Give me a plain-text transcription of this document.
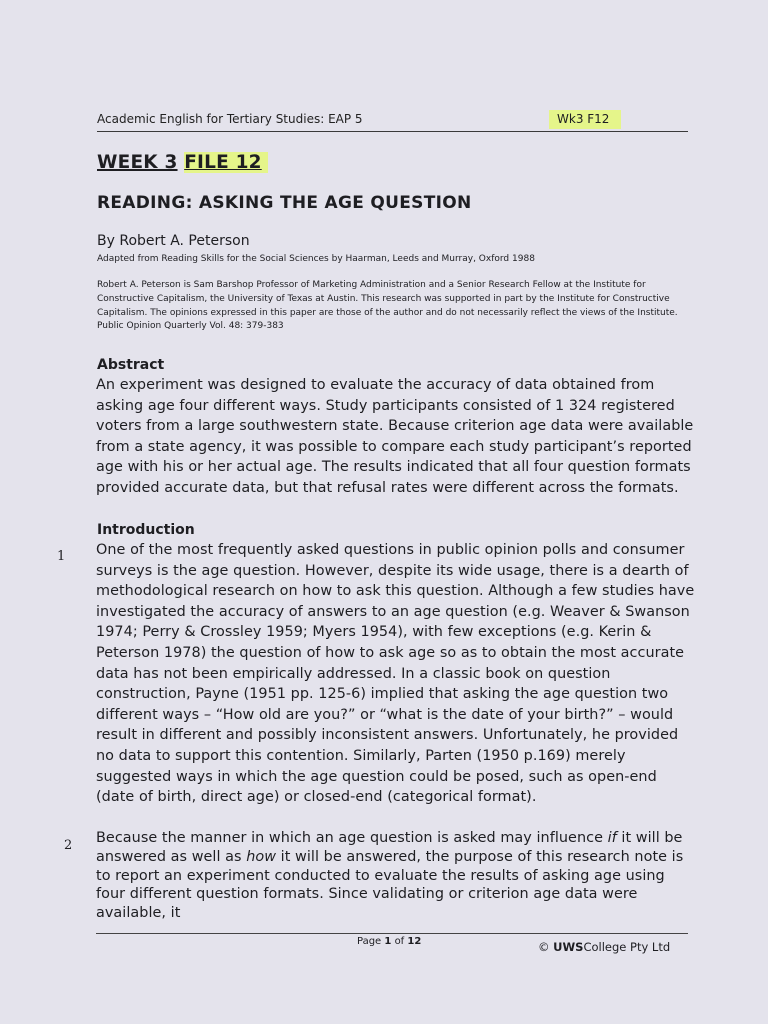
Academic English for Tertiary Studies: EAP 5	Wk3 F12
WEEK 3 FILE 12
READING: ASKING THE AGE QUESTION
By Robert A. Peterson
Adapted from Reading Skills for the Social Sciences by Haarman, Leeds and Murray, Oxford 1988
Robert A. Peterson is Sam Barshop Professor of Marketing Administration and a Senior Research Fellow at the Institute for Constructive Capitalism, the University of Texas at Austin. This research was supported in part by the Institute for Constructive Capitalism. The opinions expressed in this paper are those of the author and do not necessarily reflect the views of the Institute. Public Opinion Quarterly Vol. 48: 379-383
Abstract
An experiment was designed to evaluate the accuracy of data obtained from asking age four different ways. Study participants consisted of 1 324 registered voters from a large southwestern state. Because criterion age data were available from a state agency, it was possible to compare each study participant’s reported age with his or her actual age. The results indicated that all four question formats provided accurate data, but that refusal rates were different across the formats.
Introduction
1 One of the most frequently asked questions in public opinion polls and consumer surveys is the age question. However, despite its wide usage, there is a dearth of methodological research on how to ask this question. Although a few studies have investigated the accuracy of answers to an age question (e.g. Weaver & Swanson 1974; Perry & Crossley 1959; Myers 1954), with few exceptions (e.g. Kerin & Peterson 1978) the question of how to ask age so as to obtain the most accurate data has not been empirically addressed. In a classic book on question construction, Payne (1951 pp. 125-6) implied that asking the age question two different ways – “How old are you?” or “what is the date of your birth?” – would result in different and possibly inconsistent answers. Unfortunately, he provided no data to support this contention. Similarly, Parten (1950 p.169) merely suggested ways in which the age question could be posed, such as open-end (date of birth, direct age) or closed-end (categorical format).
2 Because the manner in which an age question is asked may influence if it will be answered as well as how it will be answered, the purpose of this research note is to report an experiment conducted to evaluate the results of asking age using four different question formats. Since validating or criterion age data were available, it
Page 1 of 12	© UWSCollege Pty Ltd
